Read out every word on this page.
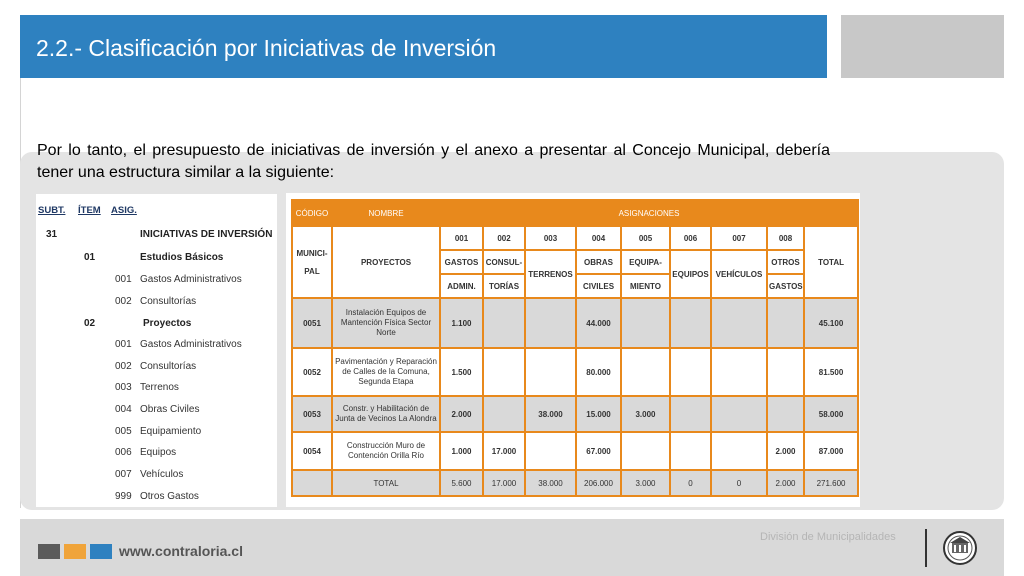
2.2.- Clasificación por Iniciativas de Inversión

Por lo tanto, el presupuesto de iniciativas de inversión y el anexo a presentar al Concejo Municipal, debería tener una estructura similar a la siguiente:

SUBT. ÍTEM ASIG.
31	INICIATIVAS DE INVERSIÓN
01	Estudios Básicos
001 Gastos Administrativos
002 Consultorías
02	Proyectos
001 Gastos Administrativos
002 Consultorías
003 Terrenos
004 Obras Civiles
005 Equipamiento
006 Equipos
007 Vehículos
999 Otros Gastos
CÓDIGO	NOMBRE	ASIGNACIONES								
MUNICI-

PAL	PROYECTOS	001	002	003	004	005	006	007	008	TOTAL
		GASTOS	CONSUL-	TERRENOS	OBRAS	EQUIPA-	EQUIPOS	VEHÍCULOS	OTROS	
		ADMIN.	TORÍAS		CIVILES	MIENTO			GASTOS	
0051	Instalación Equipos de Mantención Física Sector Norte	1.100			44.000					45.100
0052	Pavimentación y Reparación de Calles de la Comuna, Segunda Etapa	1.500			80.000					81.500
0053	Constr. y Habilitación de Junta de Vecinos La Alondra	2.000		38.000	15.000	3.000				58.000
0054	Construcción Muro de Contención Orilla Río	1.000	17.000		67.000				2.000	87.000
	TOTAL	5.600	17.000	38.000	206.000	3.000	0	0	2.000	271.600
www.contraloria.cl
División de Municipalidades
